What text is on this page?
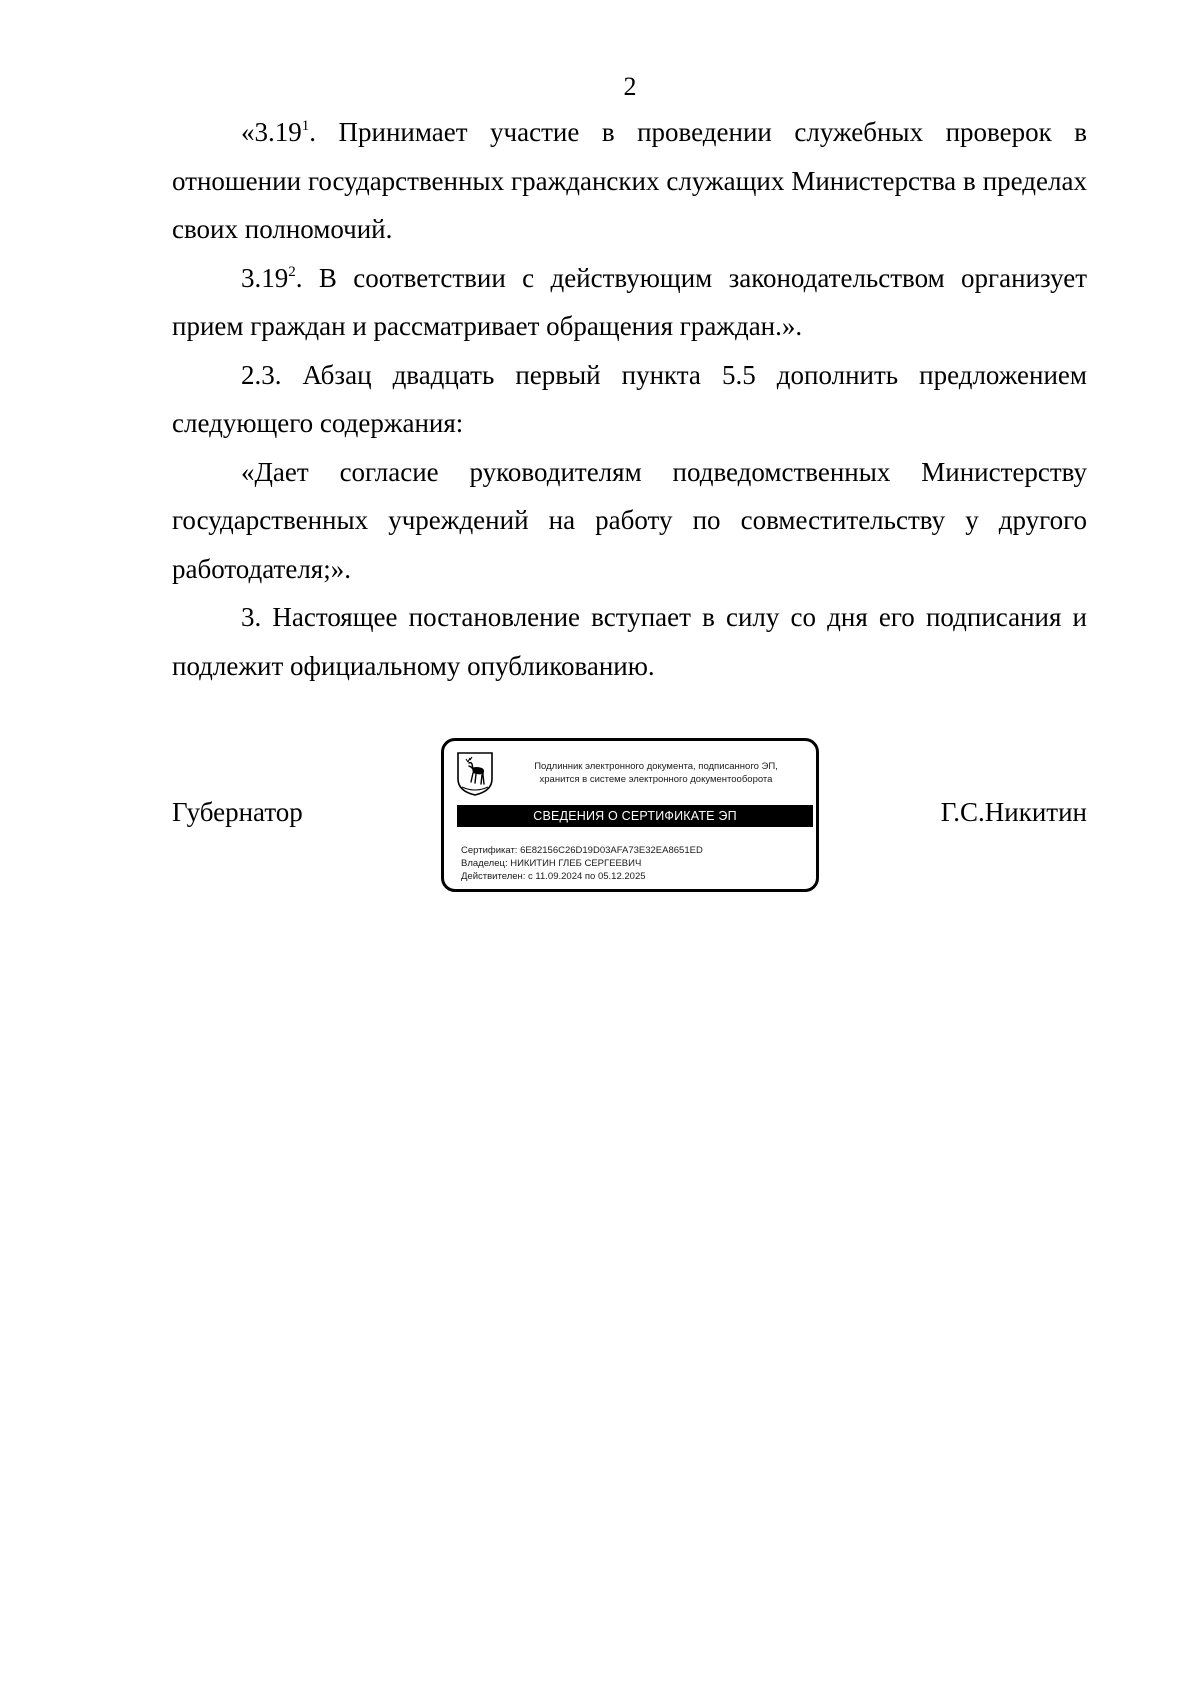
2

«3.19$^1$. Принимает участие в проведении служебных проверок в отношении государственных гражданских служащих Министерства в пределах своих полномочий.

3.19$^2$. В соответствии с действующим законодательством организует прием граждан и рассматривает обращения граждан.».

2.3. Абзац двадцать первый пункта 5.5 дополнить предложением следующего содержания:

«Дает согласие руководителям подведомственных Министерству государственных учреждений на работу по совместительству у другого работодателя;».

3. Настоящее постановление вступает в силу со дня его подписания и подлежит официальному опубликованию.

Губернатор
Подлинник электронного документа, подписанного ЭП,
хранится в системе электронного документооборота
СВЕДЕНИЯ О СЕРТИФИКАТЕ ЭП
Сертификат: 6E82156C26D19D03AFA73E32EA8651ED
Владелец: НИКИТИН ГЛЕБ СЕРГЕЕВИЧ
Действителен: с 11.09.2024 по 05.12.2025
Г.С.Никитин
